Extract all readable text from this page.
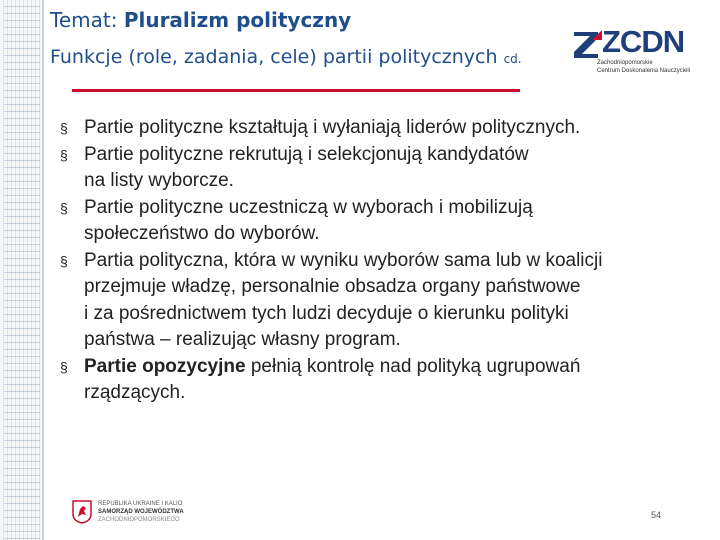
Temat: Pluralizm polityczny
Funkcje (role, zadania, cele) partii politycznych cd.	ZCDN
Zachodniopomorskie
Centrum Doskonalenia Nauczycieli
§ Partie polityczne kształtują i wyłaniają liderów politycznych.
§ Partie polityczne rekrutują i selekcjonują kandydatów
na listy wyborcze.
§ Partie polityczne uczestniczą w wyborach i mobilizują
społeczeństwo do wyborów.
§ Partia polityczna, która w wyniku wyborów sama lub w koalicji
przejmuje władzę, personalnie obsadza organy państwowe
i za pośrednictwem tych ludzi decyduje o kierunku polityki
państwa – realizując własny program.
§ Partie opozycyjne pełnią kontrolę nad polityką ugrupowań
rządzących.
REPUBLIKA UKRAINE I KALIO
SAMORZĄD WOJEWÓDZTWA
ZACHODNIOPOMORSKIEGO	54
